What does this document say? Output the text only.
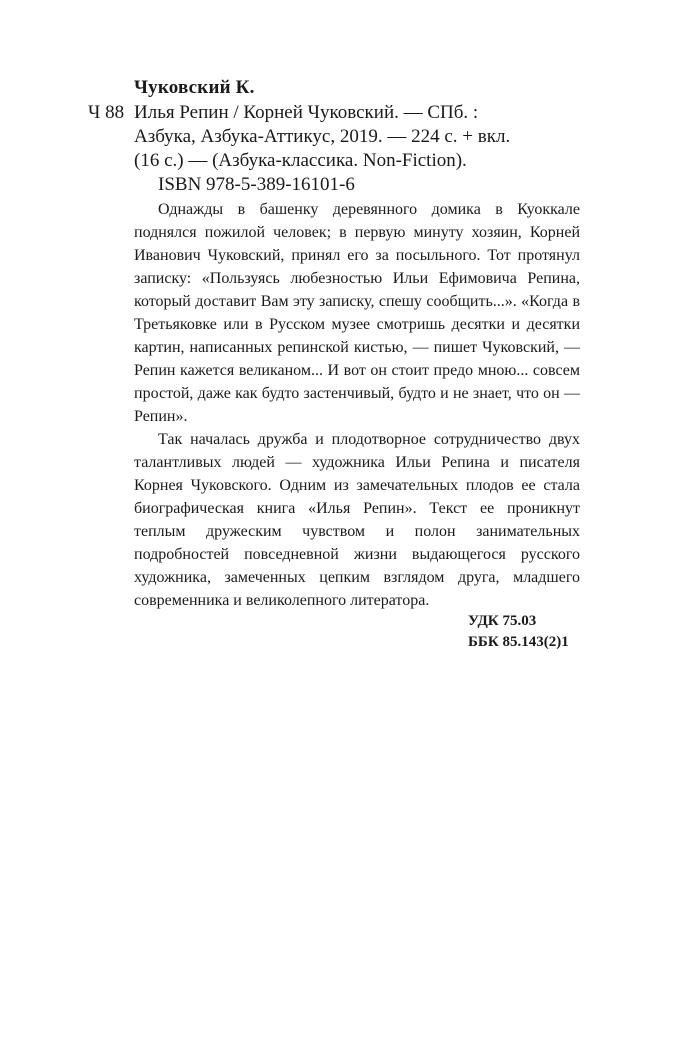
Чуковский К.
Ч 88 Илья Репин / Корней Чуковский. — СПб. :
Азбука, Азбука-Аттикус, 2019. — 224 с. + вкл.
(16 с.) — (Азбука-классика. Non-Fiction).
ISBN 978-5-389-16101-6

Однажды в башенку деревянного домика в Куоккале поднялся пожилой человек; в первую минуту хозяин, Корней Иванович Чуковский, принял его за посыльного. Тот протянул записку: «Пользуясь любезностью Ильи Ефимовича Репина, который доставит Вам эту записку, спешу сообщить...». «Когда в Третьяковке или в Русском музее смотришь десятки и десятки картин, написанных репинской кистью, — пишет Чуковский, — Репин кажется великаном... И вот он стоит предо мною... совсем простой, даже как будто застенчивый, будто и не знает, что он — Репин».

Так началась дружба и плодотворное сотрудничество двух талантливых людей — художника Ильи Репина и писателя Корнея Чуковского. Одним из замечательных плодов ее стала биографическая книга «Илья Репин». Текст ее проникнут теплым дружеским чувством и полон занимательных подробностей повседневной жизни выдающегося русского художника, замеченных цепким взглядом друга, младшего современника и великолепного литератора.

УДК 75.03
ББК 85.143(2)1
